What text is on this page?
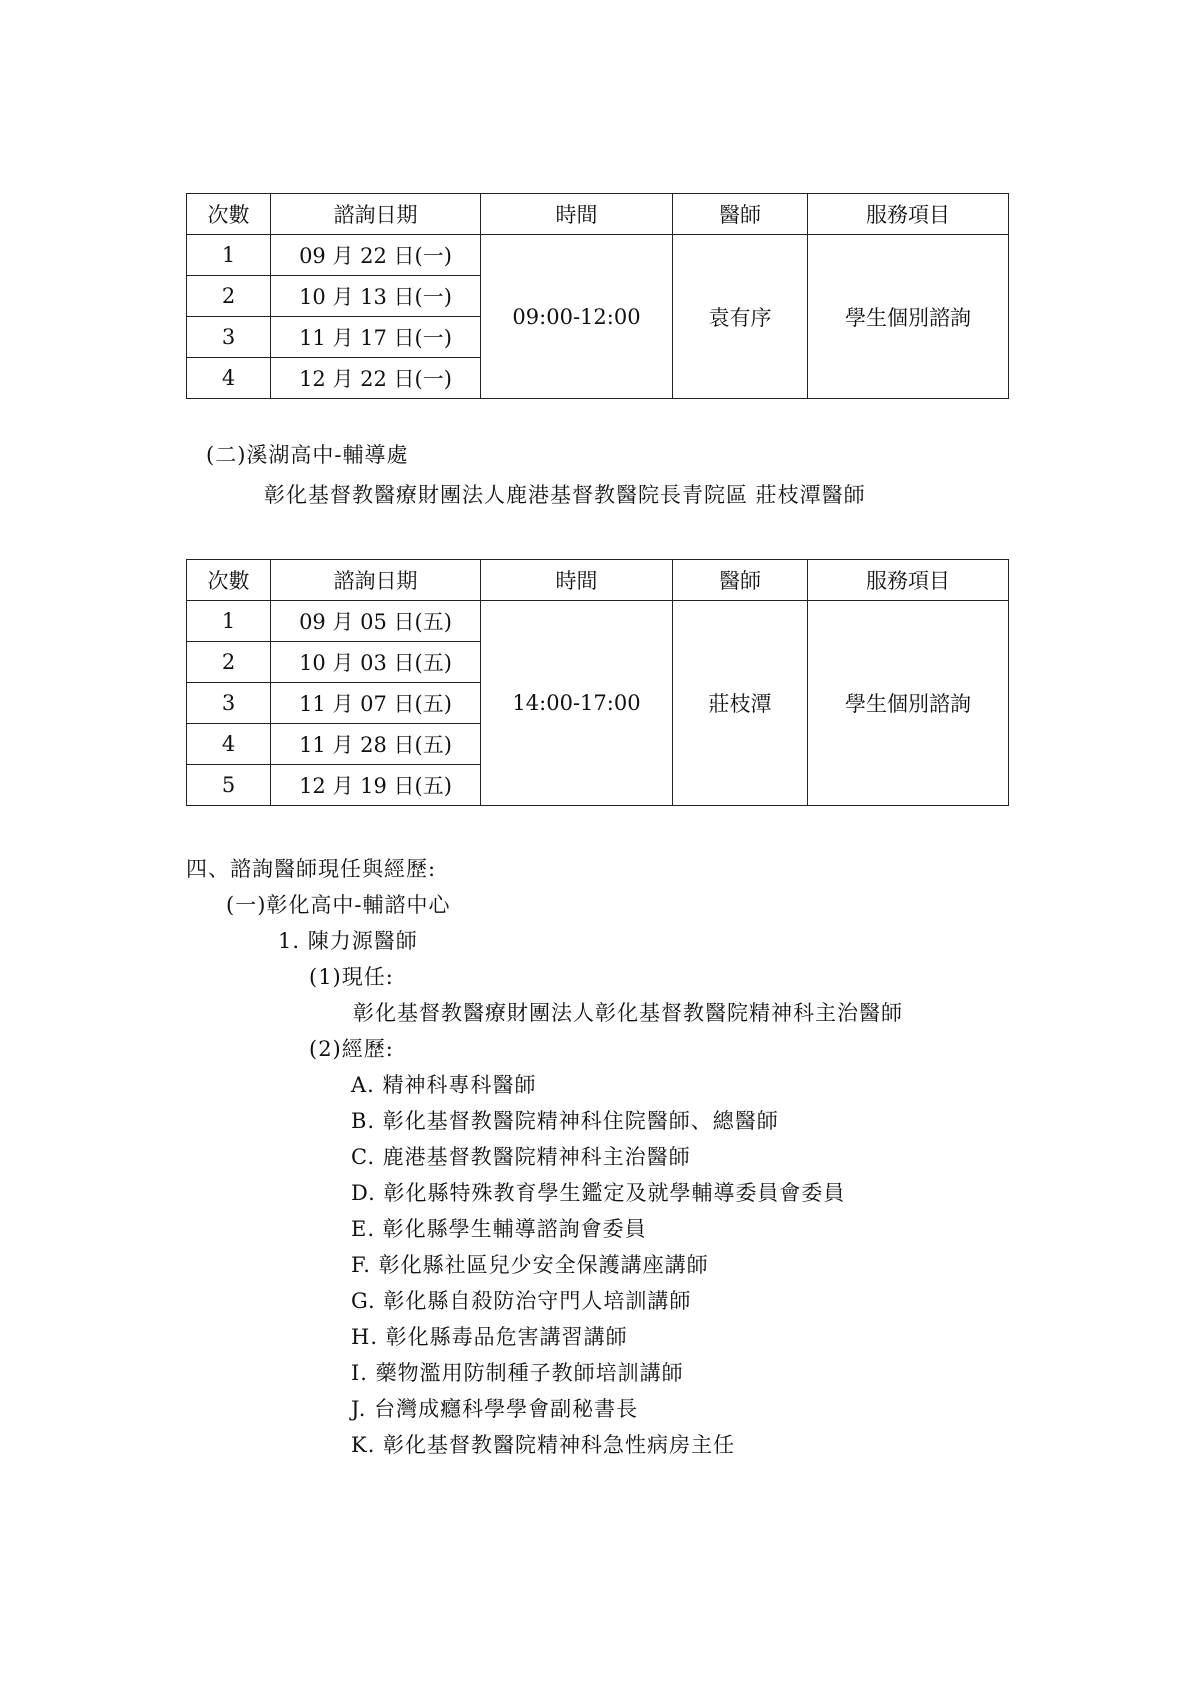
次數	諮詢日期	時間	醫師	服務項目
1	09 月 22 日(一)	09:00-12:00	袁有序	學生個別諮詢
2	10 月 13 日(一)			
3	11 月 17 日(一)			
4	12 月 22 日(一)			
(二)溪湖高中-輔導處
彰化基督教醫療財團法人鹿港基督教醫院長青院區 莊枝潭醫師
次數	諮詢日期	時間	醫師	服務項目
1	09 月 05 日(五)	14:00-17:00	莊枝潭	學生個別諮詢
2	10 月 03 日(五)			
3	11 月 07 日(五)			
4	11 月 28 日(五)			
5	12 月 19 日(五)			
四、諮詢醫師現任與經歷:
(一)彰化高中-輔諮中心
1. 陳力源醫師
(1)現任:
彰化基督教醫療財團法人彰化基督教醫院精神科主治醫師
(2)經歷:
A. 精神科專科醫師
B. 彰化基督教醫院精神科住院醫師、總醫師
C. 鹿港基督教醫院精神科主治醫師
D. 彰化縣特殊教育學生鑑定及就學輔導委員會委員
E. 彰化縣學生輔導諮詢會委員
F. 彰化縣社區兒少安全保護講座講師
G. 彰化縣自殺防治守門人培訓講師
H. 彰化縣毒品危害講習講師
I. 藥物濫用防制種子教師培訓講師
J. 台灣成癮科學學會副秘書長
K. 彰化基督教醫院精神科急性病房主任
